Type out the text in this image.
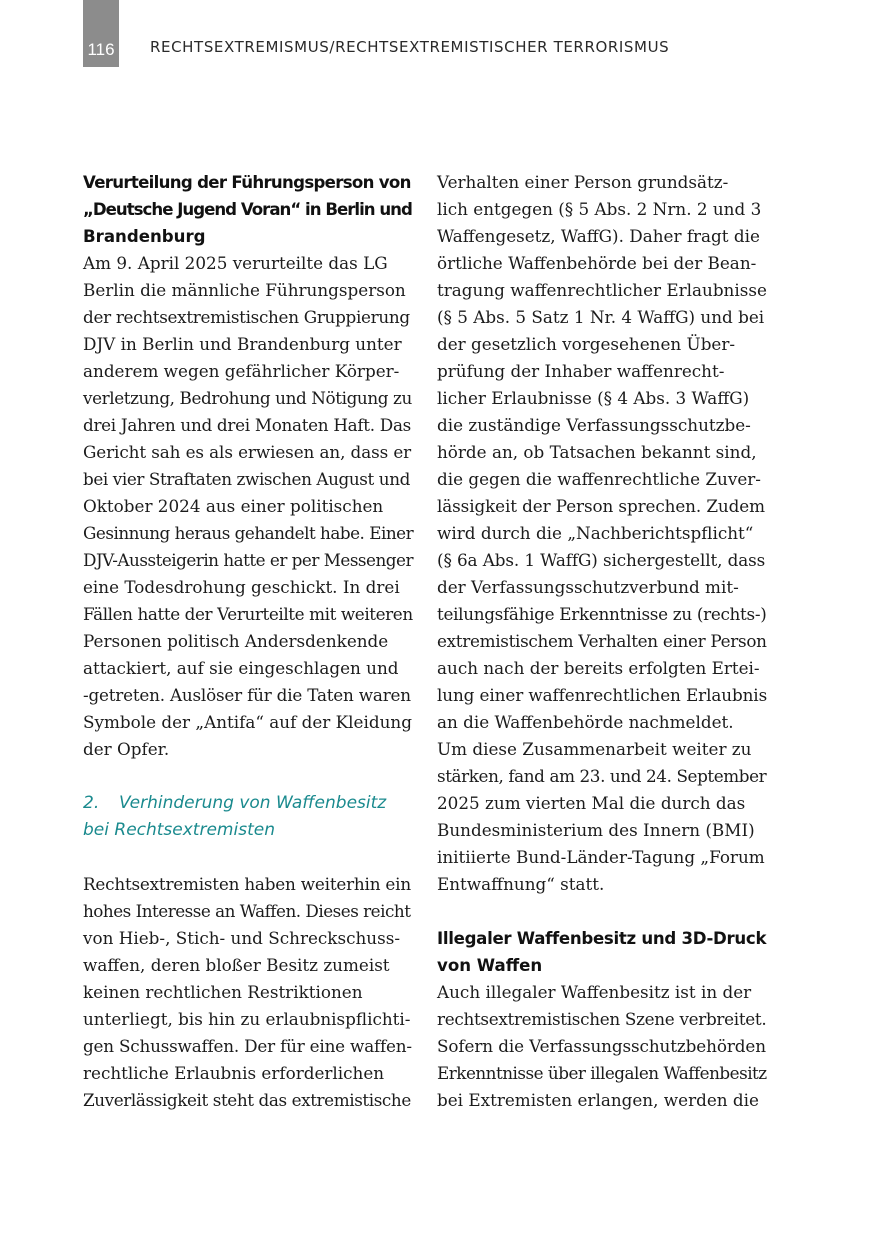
116 RECHTSEXTREMISMUS/RECHTSEXTREMISTISCHER TERRORISMUS
Verurteilung der Führungsperson von
„Deutsche Jugend Voran“ in Berlin und
Brandenburg
Am 9. April 2025 verurteilte das LG
Berlin die männliche Führungsperson
der rechtsextremistischen Gruppierung
DJV in Berlin und Brandenburg unter
anderem wegen gefährlicher Körper-
verletzung, Bedrohung und Nötigung zu
drei Jahren und drei Monaten Haft. Das
Gericht sah es als erwiesen an, dass er
bei vier Straftaten zwischen August und
Oktober 2024 aus einer politischen
Gesinnung heraus gehandelt habe. Einer
DJV-Aussteigerin hatte er per Messenger
eine Todesdrohung geschickt. In drei
Fällen hatte der Verurteilte mit weiteren
Personen politisch Andersdenkende
attackiert, auf sie eingeschlagen und
-getreten. Auslöser für die Taten waren
Symbole der „Antifa“ auf der Kleidung
der Opfer.
2. Verhinderung von Waffenbesitz
bei Rechtsextremisten
Rechtsextremisten haben weiterhin ein
hohes Interesse an Waffen. Dieses reicht
von Hieb-, Stich- und Schreckschuss-
waffen, deren bloßer Besitz zumeist
keinen rechtlichen Restriktionen
unterliegt, bis hin zu erlaubnispflichti-
gen Schusswaffen. Der für eine waffen-
rechtliche Erlaubnis erforderlichen
Zuverlässigkeit steht das extremistische
Verhalten einer Person grundsätz-
lich entgegen (§ 5 Abs. 2 Nrn. 2 und 3
Waffengesetz, WaffG). Daher fragt die
örtliche Waffenbehörde bei der Bean-
tragung waffenrechtlicher Erlaubnisse
(§ 5 Abs. 5 Satz 1 Nr. 4 WaffG) und bei
der gesetzlich vorgesehenen Über-
prüfung der Inhaber waffenrecht-
licher Erlaubnisse (§ 4 Abs. 3 WaffG)
die zuständige Verfassungsschutzbe-
hörde an, ob Tatsachen bekannt sind,
die gegen die waffenrechtliche Zuver-
lässigkeit der Person sprechen. Zudem
wird durch die „Nachberichtspflicht“
(§ 6a Abs. 1 WaffG) sichergestellt, dass
der Verfassungsschutzverbund mit-
teilungsfähige Erkenntnisse zu (rechts-)
extremistischem Verhalten einer Person
auch nach der bereits erfolgten Ertei-
lung einer waffenrechtlichen Erlaubnis
an die Waffenbehörde nachmeldet.
Um diese Zusammenarbeit weiter zu
stärken, fand am 23. und 24. September
2025 zum vierten Mal die durch das
Bundesministerium des Innern (BMI)
initiierte Bund-Länder-Tagung „Forum
Entwaffnung“ statt.
Illegaler Waffenbesitz und 3D-Druck
von Waffen
Auch illegaler Waffenbesitz ist in der
rechtsextremistischen Szene verbreitet.
Sofern die Verfassungsschutzbehörden
Erkenntnisse über illegalen Waffenbesitz
bei Extremisten erlangen, werden die
